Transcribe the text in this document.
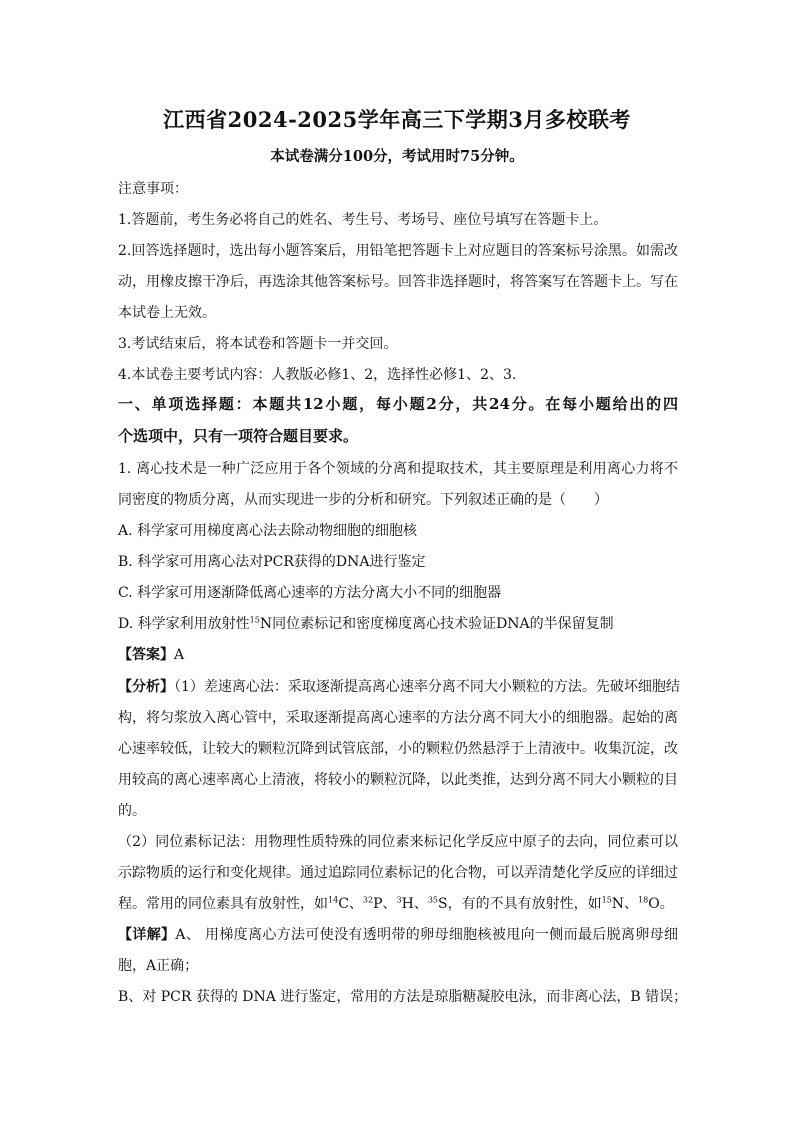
江西省2024-2025学年高三下学期3月多校联考
本试卷满分100分，考试用时75分钟。
注意事项：
1.答题前，考生务必将自己的姓名、考生号、考场号、座位号填写在答题卡上。
2.回答选择题时，选出每小题答案后，用铅笔把答题卡上对应题目的答案标号涂黑。如需改
动，用橡皮擦干净后，再选涂其他答案标号。回答非选择题时，将答案写在答题卡上。写在
本试卷上无效。
3.考试结束后，将本试卷和答题卡一并交回。
4.本试卷主要考试内容：人教版必修1、2，选择性必修1、2、3.
一、单项选择题：本题共12小题，每小题2分，共24分。在每小题给出的四
个选项中，只有一项符合题目要求。
1. 离心技术是一种广泛应用于各个领域的分离和提取技术，其主要原理是利用离心力将不
同密度的物质分离，从而实现进一步的分析和研究。下列叙述正确的是（　　）
A. 科学家可用梯度离心法去除动物细胞的细胞核
B. 科学家可用离心法对PCR获得的DNA进行鉴定
C. 科学家可用逐渐降低离心速率的方法分离大小不同的细胞器
D. 科学家利用放射性$^{15}$N同位素标记和密度梯度离心技术验证DNA的半保留复制
【答案】A
【分析】（1）差速离心法：采取逐渐提高离心速率分离不同大小颗粒的方法。先破坏细胞结
构，将匀浆放入离心管中，采取逐渐提高离心速率的方法分离不同大小的细胞器。起始的离
心速率较低，让较大的颗粒沉降到试管底部，小的颗粒仍然悬浮于上清液中。收集沉淀，改
用较高的离心速率离心上清液，将较小的颗粒沉降，以此类推，达到分离不同大小颗粒的目
的。
（2）同位素标记法：用物理性质特殊的同位素来标记化学反应中原子的去向，同位素可以
示踪物质的运行和变化规律。通过追踪同位素标记的化合物，可以弄清楚化学反应的详细过
程。常用的同位素具有放射性，如$^{14}$C、$^{32}$P、$^3$H、$^{35}$S，有的不具有放射性，如$^{15}$N、$^{18}$O。
【详解】A、 用梯度离心方法可使没有透明带的卵母细胞核被甩向一侧而最后脱离卵母细
胞，A正确；
B、对 PCR 获得的 DNA 进行鉴定，常用的方法是琼脂糖凝胶电泳，而非离心法，B 错误；
